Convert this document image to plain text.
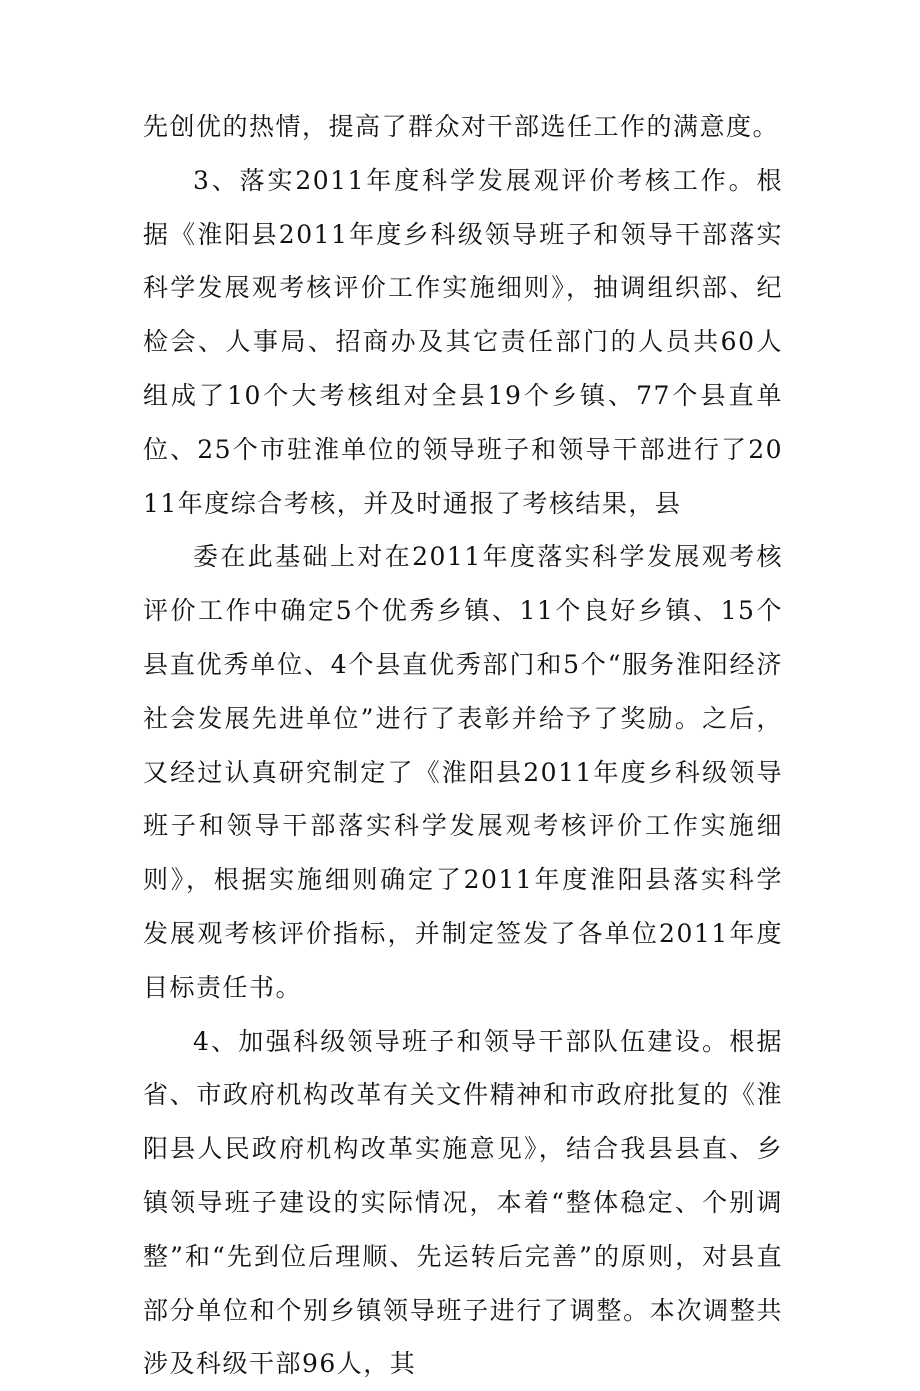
先创优的热情，提高了群众对干部选任工作的满意度。

3、落实2011年度科学发展观评价考核工作。根据《淮阳县2011年度乡科级领导班子和领导干部落实科学发展观考核评价工作实施细则》，抽调组织部、纪检会、人事局、招商办及其它责任部门的人员共60人组成了10个大考核组对全县19个乡镇、77个县直单位、25个市驻淮单位的领导班子和领导干部进行了2011年度综合考核，并及时通报了考核结果，县

委在此基础上对在2011年度落实科学发展观考核评价工作中确定5个优秀乡镇、11个良好乡镇、15个县直优秀单位、4个县直优秀部门和5个“服务淮阳经济社会发展先进单位”进行了表彰并给予了奖励。之后，又经过认真研究制定了《淮阳县2011年度乡科级领导班子和领导干部落实科学发展观考核评价工作实施细则》，根据实施细则确定了2011年度淮阳县落实科学发展观考核评价指标，并制定签发了各单位2011年度目标责任书。

4、加强科级领导班子和领导干部队伍建设。根据省、市政府机构改革有关文件精神和市政府批复的《淮阳县人民政府机构改革实施意见》，结合我县县直、乡镇领导班子建设的实际情况，本着“整体稳定、个别调整”和“先到位后理顺、先运转后完善”的原则，对县直部分单位和个别乡镇领导班子进行了调整。本次调整共涉及科级干部96人，其
